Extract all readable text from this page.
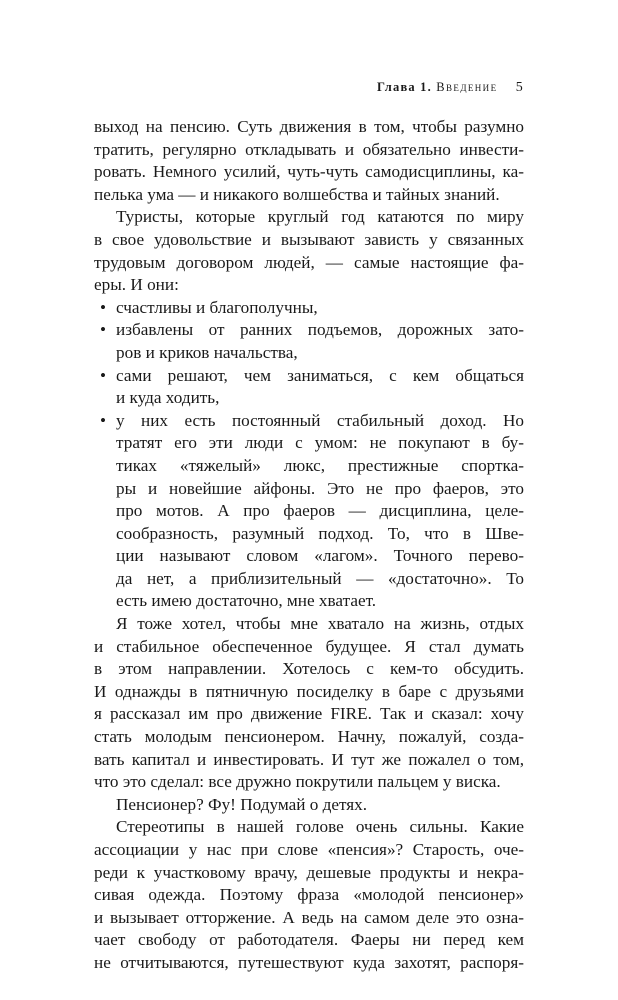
Глава 1. Введение 5
выход на пенсию. Суть движения в том, чтобы разумно
тратить, регулярно откладывать и обязательно инвести-
ровать. Немного усилий, чуть-чуть самодисциплины, ка-
пелька ума — и никакого волшебства и тайных знаний.
Туристы, которые круглый год катаются по миру
в свое удовольствие и вызывают зависть у связанных
трудовым договором людей, — самые настоящие фа-
еры. И они:
• счастливы и благополучны,
• избавлены от ранних подъемов, дорожных зато-
ров и криков начальства,
• сами решают, чем заниматься, с кем общаться
и куда ходить,
• у них есть постоянный стабильный доход. Но
тратят его эти люди с умом: не покупают в бу-
тиках «тяжелый» люкс, престижные спортка-
ры и новейшие айфоны. Это не про фаеров, это
про мотов. А про фаеров — дисциплина, целе-
сообразность, разумный подход. То, что в Шве-
ции называют словом «лагом». Точного перево-
да нет, а приблизительный — «достаточно». То
есть имею достаточно, мне хватает.
Я тоже хотел, чтобы мне хватало на жизнь, отдых
и стабильное обеспеченное будущее. Я стал думать
в этом направлении. Хотелось с кем-то обсудить.
И однажды в пятничную посиделку в баре с друзьями
я рассказал им про движение FIRE. Так и сказал: хочу
стать молодым пенсионером. Начну, пожалуй, созда-
вать капитал и инвестировать. И тут же пожалел о том,
что это сделал: все дружно покрутили пальцем у виска.
Пенсионер? Фу! Подумай о детях.
Стереотипы в нашей голове очень сильны. Какие
ассоциации у нас при слове «пенсия»? Старость, оче-
реди к участковому врачу, дешевые продукты и некра-
сивая одежда. Поэтому фраза «молодой пенсионер»
и вызывает отторжение. А ведь на самом деле это озна-
чает свободу от работодателя. Фаеры ни перед кем
не отчитываются, путешествуют куда захотят, распоря-
